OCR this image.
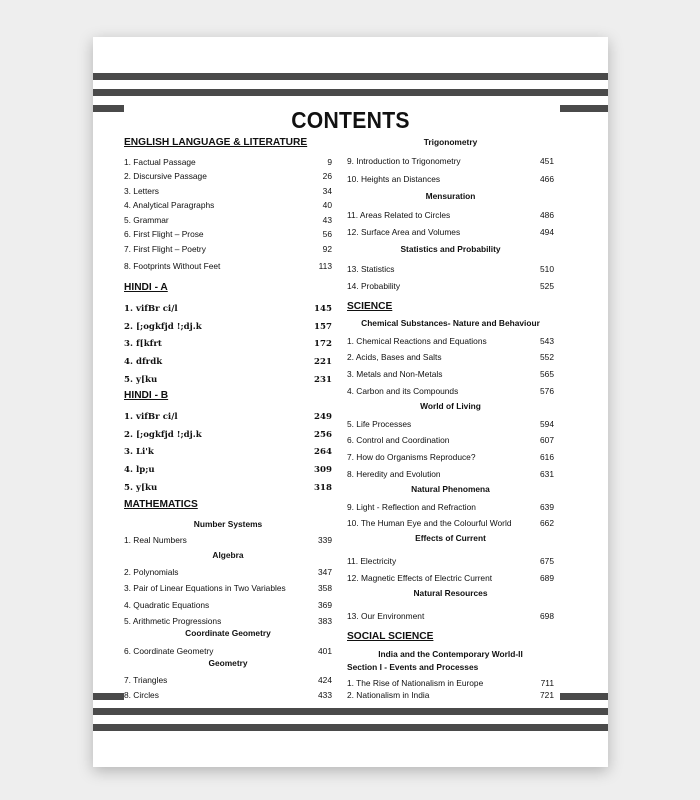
CONTENTS
ENGLISH LANGUAGE & LITERATURE
1. Factual Passage	9
2. Discursive Passage	26
3. Letters	34
4. Analytical Paragraphs	40
5. Grammar	43
6. First Flight – Prose	56
7. First Flight – Poetry	92
8. Footprints Without Feet	113
HINDI - A
1. vifBr ci/l	145
2. [;ogkfjd !;dj.k	157
3. f[kfrt	172
4. dfrdk	221
5. y[ku	231
HINDI - B
1. vifBr ci/l	249
2. [;ogkfjd !;dj.k	256
3. Li'k	264
4. lp;u	309
5. y[ku	318
MATHEMATICS
Number Systems
1. Real Numbers	339
Algebra
2. Polynomials	347
3. Pair of Linear Equations in Two Variables	358
4. Quadratic Equations	369
5. Arithmetic Progressions	383
Coordinate Geometry
6. Coordinate Geometry	401
Geometry
7. Triangles	424
8. Circles	433
Trigonometry
9. Introduction to Trigonometry	451
10. Heights an Distances	466
Mensuration
11. Areas Related to Circles	486
12. Surface Area and Volumes	494
Statistics and Probability
13. Statistics	510
14. Probability	525
SCIENCE
Chemical Substances- Nature and Behaviour
1. Chemical Reactions and Equations	543
2. Acids, Bases and Salts	552
3. Metals and Non-Metals	565
4. Carbon and its Compounds	576
World of Living
5. Life Processes	594
6. Control and Coordination	607
7. How do Organisms Reproduce?	616
8. Heredity and Evolution	631
Natural Phenomena
9. Light - Reflection and Refraction	639
10. The Human Eye and the Colourful World	662
Effects of Current
11. Electricity	675
12. Magnetic Effects of Electric Current	689
Natural Resources
13. Our Environment	698
SOCIAL SCIENCE
India and the Contemporary World-II
Section I - Events and Processes
1. The Rise of Nationalism in Europe	711
2. Nationalism in India	721
